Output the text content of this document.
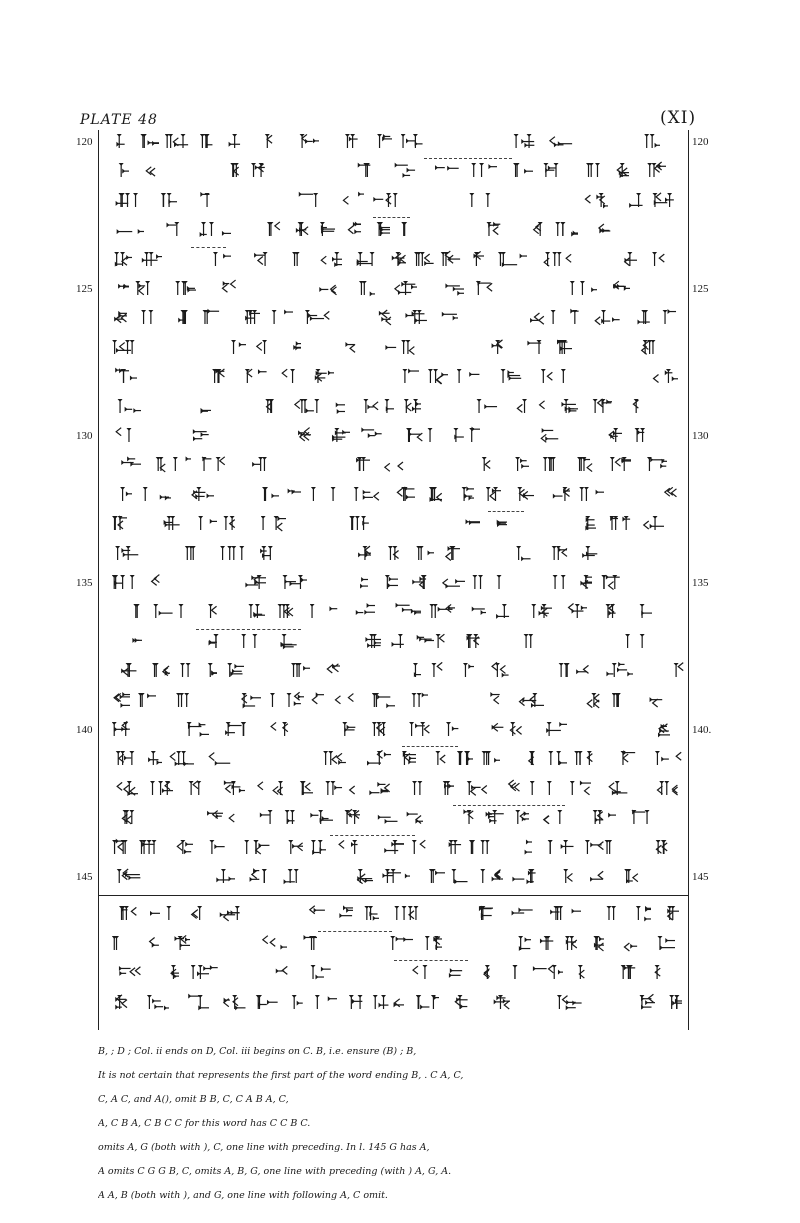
PLATE 48	(XI)
120
125
130
135
140
145
120
125
130
135
140.
145
B, ; D ; Col. ii ends on D, Col. iii begins on C. B, i.e. ensure (B) ; B,
It is not certain that represents the first part of the word ending B, . C A, C,
C, A C, and A(), omit B B, C, C A B A, C,
A, C B A, C B C C for this word has C C B C.
omits A, G (both with ), C, one line with preceding. In l. 145 G has A,
A omits C G G B, C, omits A, B, G, one line with preceding (with ) A, G, A.
A A, B (both with ), and G, one line with following A, C omit.
